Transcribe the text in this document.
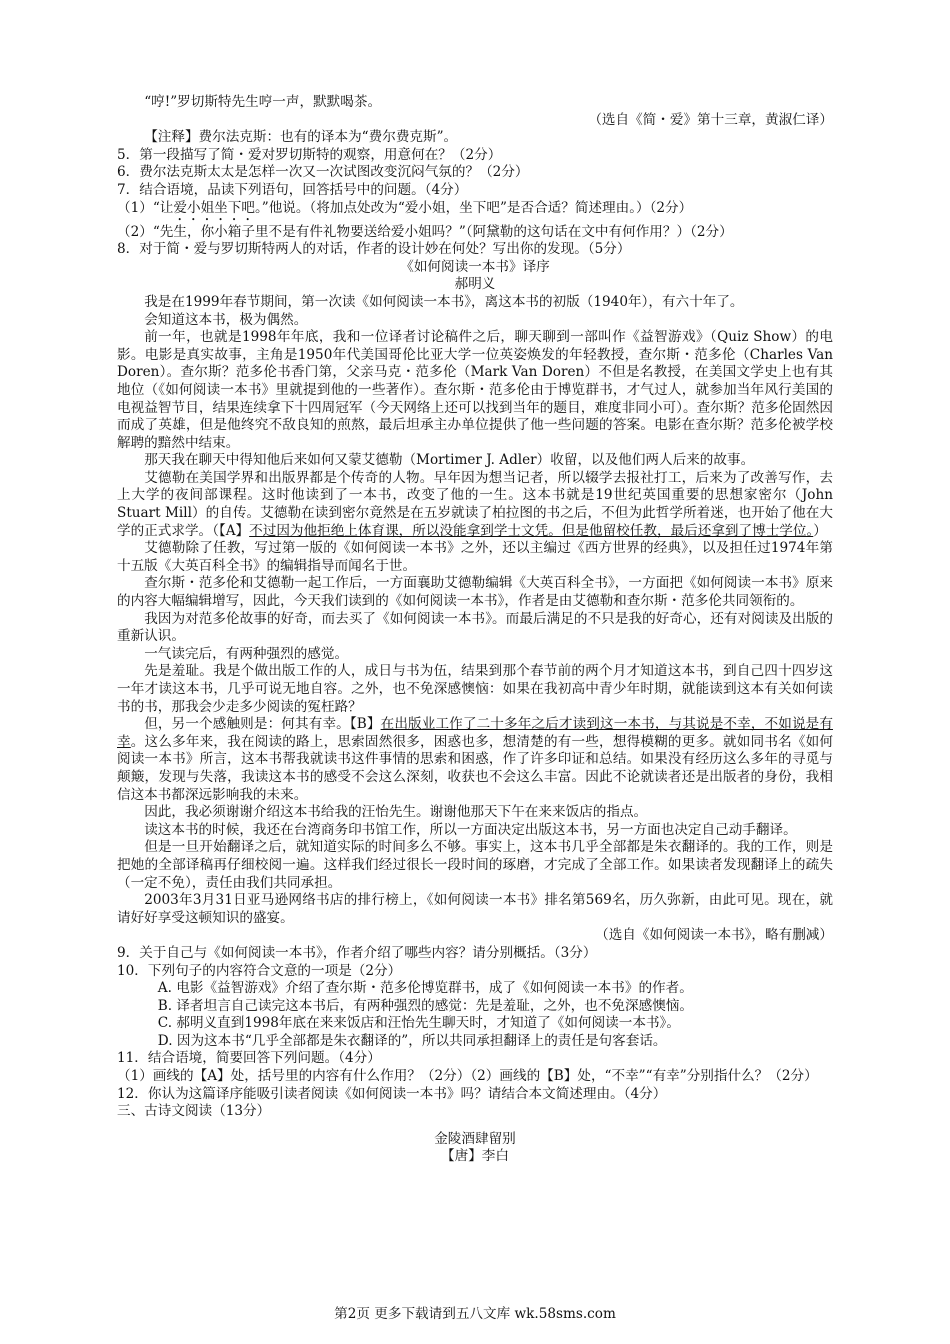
“哼!”罗切斯特先生哼一声，默默喝茶。

（选自《简・爱》第十三章，黄淑仁译）

【注释】费尔法克斯：也有的译本为“费尔费克斯”。

5．第一段描写了简・爱对罗切斯特的观察，用意何在？（2分）

6．费尔法克斯太太是怎样一次又一次试图改变沉闷气氛的？（2分）

7．结合语境，品读下列语句，回答括号中的问题。（4分）

（1）“让爱小姐坐下吧。”他说。（将加点处改为“爱小姐，坐下吧”是否合适？简述理由。）（2分）

（2）“先生，你小箱子里不是有件礼物要送给爱小姐吗？”（阿黛勒的这句话在文中有何作用？）（2分）

8．对于简・爱与罗切斯特两人的对话，作者的设计妙在何处？写出你的发现。（5分）

《如何阅读一本书》译序

郝明义

我是在1999年春节期间，第一次读《如何阅读一本书》，离这本书的初版（1940年），有六十年了。

会知道这本书，极为偶然。

前一年，也就是1998年年底，我和一位译者讨论稿件之后，聊天聊到一部叫作《益智游戏》（Quiz Show）的电影。电影是真实故事，主角是1950年代美国哥伦比亚大学一位英姿焕发的年轻教授，查尔斯・范多伦（Charles Van Doren）。查尔斯？范多伦书香门第，父亲马克・范多伦（Mark Van Doren）不但是名教授，在美国文学史上也有其地位（《如何阅读一本书》里就提到他的一些著作）。查尔斯・范多伦由于博览群书，才气过人，就参加当年风行美国的电视益智节目，结果连续拿下十四周冠军（今天网络上还可以找到当年的题目，难度非同小可）。查尔斯？范多伦固然因而成了英雄，但是他终究不敌良知的煎熬，最后坦承主办单位提供了他一些问题的答案。电影在查尔斯？范多伦被学校解聘的黯然中结束。

那天我在聊天中得知他后来如何又蒙艾德勒（Mortimer J. Adler）收留，以及他们两人后来的故事。

艾德勒在美国学界和出版界都是个传奇的人物。早年因为想当记者，所以辍学去报社打工，后来为了改善写作，去上大学的夜间部课程。这时他读到了一本书，改变了他的一生。这本书就是19世纪英国重要的思想家密尔（John Stuart Mill）的自传。艾德勒在读到密尔竟然是在五岁就读了柏拉图的书之后，不但为此哲学所着迷，也开始了他在大学的正式求学。（【A】不过因为他拒绝上体育课，所以没能拿到学士文凭。但是他留校任教，最后还拿到了博士学位。）

艾德勒除了任教，写过第一版的《如何阅读一本书》之外，还以主编过《西方世界的经典》，以及担任过1974年第十五版《大英百科全书》的编辑指导而闻名于世。

查尔斯・范多伦和艾德勒一起工作后，一方面襄助艾德勒编辑《大英百科全书》，一方面把《如何阅读一本书》原来的内容大幅编辑增写，因此，今天我们读到的《如何阅读一本书》，作者是由艾德勒和查尔斯・范多伦共同领衔的。

我因为对范多伦故事的好奇，而去买了《如何阅读一本书》。而最后满足的不只是我的好奇心，还有对阅读及出版的重新认识。

一气读完后，有两种强烈的感觉。

先是羞耻。我是个做出版工作的人，成日与书为伍，结果到那个春节前的两个月才知道这本书，到自己四十四岁这一年才读这本书，几乎可说无地自容。之外，也不免深感懊恼：如果在我初高中青少年时期，就能读到这本有关如何读书的书，那我会少走多少阅读的冤枉路？

但，另一个感触则是：何其有幸。【B】在出版业工作了二十多年之后才读到这一本书，与其说是不幸，不如说是有幸。这么多年来，我在阅读的路上，思索固然很多，困惑也多，想清楚的有一些，想得模糊的更多。就如同书名《如何阅读一本书》所言，这本书帮我就读书这件事情的思索和困惑，作了许多印证和总结。如果没有经历这么多年的寻觅与颠簸，发现与失落，我读这本书的感受不会这么深刻，收获也不会这么丰富。因此不论就读者还是出版者的身份，我相信这本书都深远影响我的未来。

因此，我必须谢谢介绍这本书给我的汪怡先生。谢谢他那天下午在来来饭店的指点。

读这本书的时候，我还在台湾商务印书馆工作，所以一方面决定出版这本书，另一方面也决定自己动手翻译。

但是一旦开始翻译之后，就知道实际的时间多么不够。事实上，这本书几乎全部都是朱衣翻译的。我的工作，则是把她的全部译稿再仔细校阅一遍。这样我们经过很长一段时间的琢磨，才完成了全部工作。如果读者发现翻译上的疏失（一定不免），责任由我们共同承担。

2003年3月31日亚马逊网络书店的排行榜上，《如何阅读一本书》排名第569名，历久弥新，由此可见。现在，就请好好享受这顿知识的盛宴。

（选自《如何阅读一本书》，略有删减）

9．关于自己与《如何阅读一本书》，作者介绍了哪些内容？请分别概括。（3分）

10．下列句子的内容符合文意的一项是（2分）

A. 电影《益智游戏》介绍了查尔斯・范多伦博览群书，成了《如何阅读一本书》的作者。

B. 译者坦言自己读完这本书后，有两种强烈的感觉：先是羞耻，之外，也不免深感懊恼。

C. 郝明义直到1998年底在来来饭店和汪怡先生聊天时，才知道了《如何阅读一本书》。

D. 因为这本书“几乎全部都是朱衣翻译的”，所以共同承担翻译上的责任是句客套话。

11．结合语境，简要回答下列问题。（4分）

（1）画线的【A】处，括号里的内容有什么作用？（2分）（2）画线的【B】处，“不幸”“有幸”分别指什么？（2分）

12．你认为这篇译序能吸引读者阅读《如何阅读一本书》吗？请结合本文简述理由。（4分）

三、古诗文阅读（13分）

金陵酒肆留别

【唐】李白

第2页 更多下载请到五八文库 wk.58sms.com
